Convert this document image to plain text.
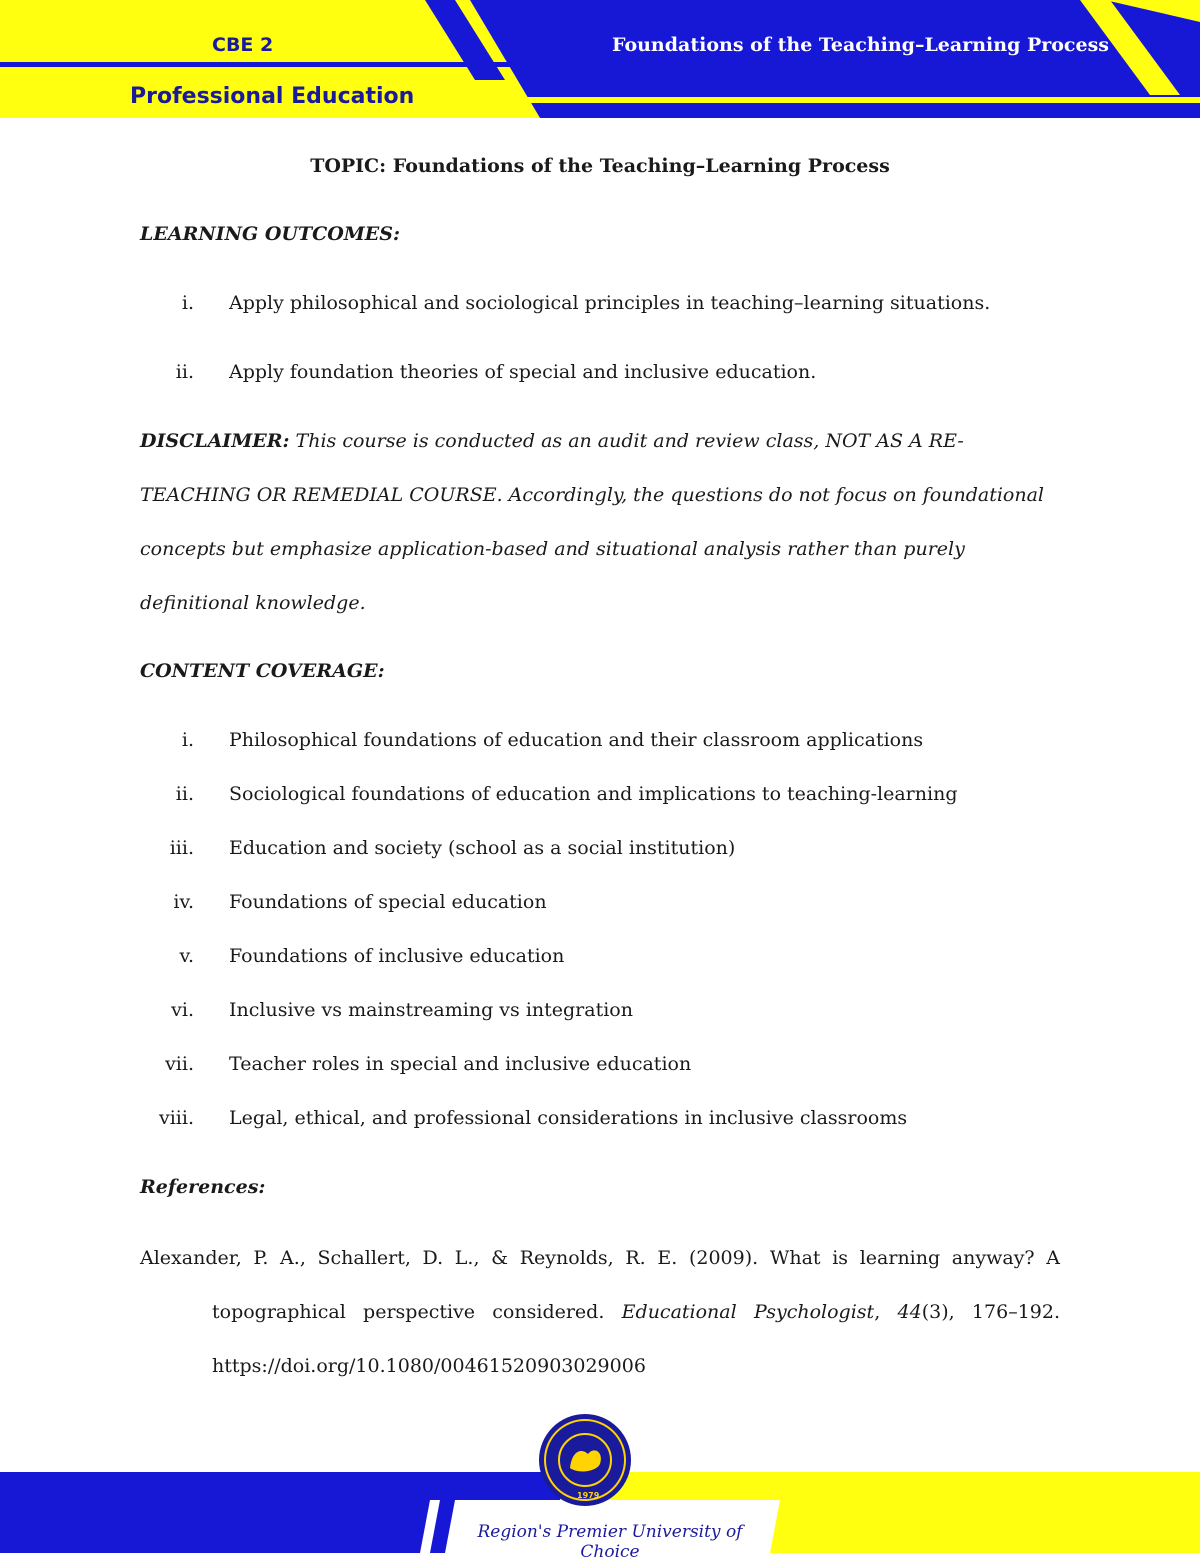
CBE 2
Professional Education
Foundations of the Teaching–Learning Process
TOPIC: Foundations of the Teaching–Learning Process

LEARNING OUTCOMES:

i. Apply philosophical and sociological principles in teaching–learning situations.
ii. Apply foundation theories of special and inclusive education.

DISCLAIMER: This course is conducted as an audit and review class, NOT AS A RE-TEACHING OR REMEDIAL COURSE. Accordingly, the questions do not focus on foundational concepts but emphasize application-based and situational analysis rather than purely definitional knowledge.

CONTENT COVERAGE:

i. Philosophical foundations of education and their classroom applications
ii. Sociological foundations of education and implications to teaching-learning
iii. Education and society (school as a social institution)
iv. Foundations of special education
v. Foundations of inclusive education
vi. Inclusive vs mainstreaming vs integration
vii. Teacher roles in special and inclusive education
viii. Legal, ethical, and professional considerations in inclusive classrooms

References:

Alexander, P. A., Schallert, D. L., & Reynolds, R. E. (2009). What is learning anyway? A topographical perspective considered. Educational Psychologist, 44(3), 176–192. https://doi.org/10.1080/00461520903029006

1979
Region's Premier University of Choice
